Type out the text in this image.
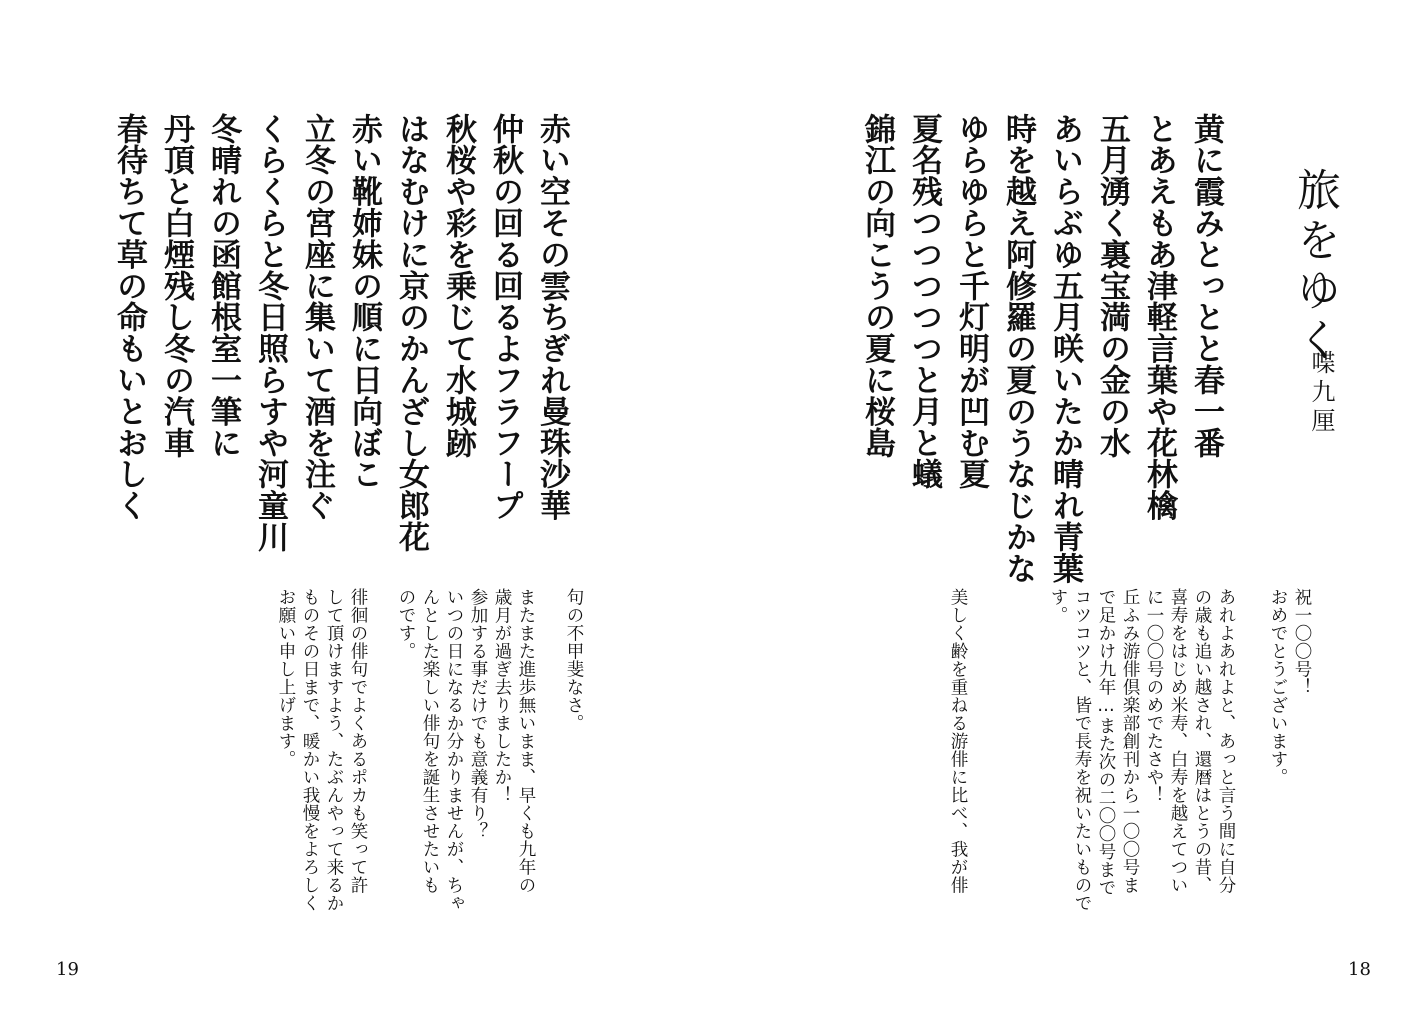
旅をゆく
喋九厘
黄に霞みとっとと春一番
とあえもあ津軽言葉や花林檎
五月湧く裏宝満の金の水
あいらぶゆ五月咲いたか晴れ青葉
時を越え阿修羅の夏のうなじかな
ゆらゆらと千灯明が凹む夏
夏名残つつつつつと月と蟻
錦江の向こうの夏に桜島
祝一〇〇号！
おめでとうございます。
あれよあれよと、あっと言う間に自分
の歳も追い越され、還暦はとうの昔、
喜寿をはじめ米寿、白寿を越えてつい
に一〇〇号のめでたさや！
丘ふみ游俳倶楽部創刊から一〇〇号ま
で足かけ九年…また次の二〇〇号まで
コツコツと、皆で長寿を祝いたいもので
す。
美しく齢を重ねる游俳に比べ、我が俳
18
赤い空その雲ちぎれ曼珠沙華
仲秋の回る回るよフラフープ
秋桜や彩を乗じて水城跡
はなむけに京のかんざし女郎花
赤い靴姉妹の順に日向ぼこ
立冬の宮座に集いて酒を注ぐ
くらくらと冬日照らすや河童川
冬晴れの函館根室一筆に
丹頂と白煙残し冬の汽車
春待ちて草の命もいとおしく
句の不甲斐なさ。
またまた進歩無いまま、早くも九年の
歳月が過ぎ去りましたか！
参加する事だけでも意義有り？
いつの日になるか分かりませんが、ちゃ
んとした楽しい俳句を誕生させたいも
のです。
徘徊の俳句でよくあるポカも笑って許
して頂けますよう、たぶんやって来るか
ものその日まで、暖かい我慢をよろしく
お願い申し上げます。
19
